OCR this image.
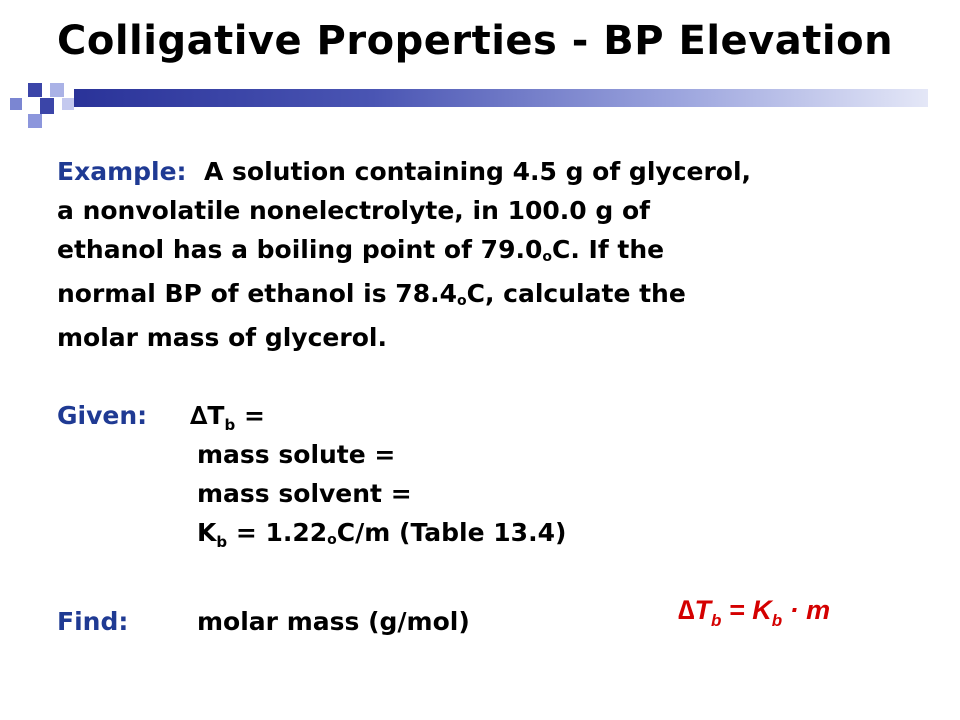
Colligative Properties - BP Elevation
Example: A solution containing 4.5 g of glycerol,
a nonvolatile nonelectrolyte, in 100.0 g of
ethanol has a boiling point of 79.0oC. If the
normal BP of ethanol is 78.4oC, calculate the
molar mass of glycerol.
Given: $\Delta T_b$ =
mass solute =
mass solvent =
$K_b = 1.22oC/m$ (Table 13.4)
Find:	molar mass (g/mol)	$\Delta T_b = K_b \cdot m$
